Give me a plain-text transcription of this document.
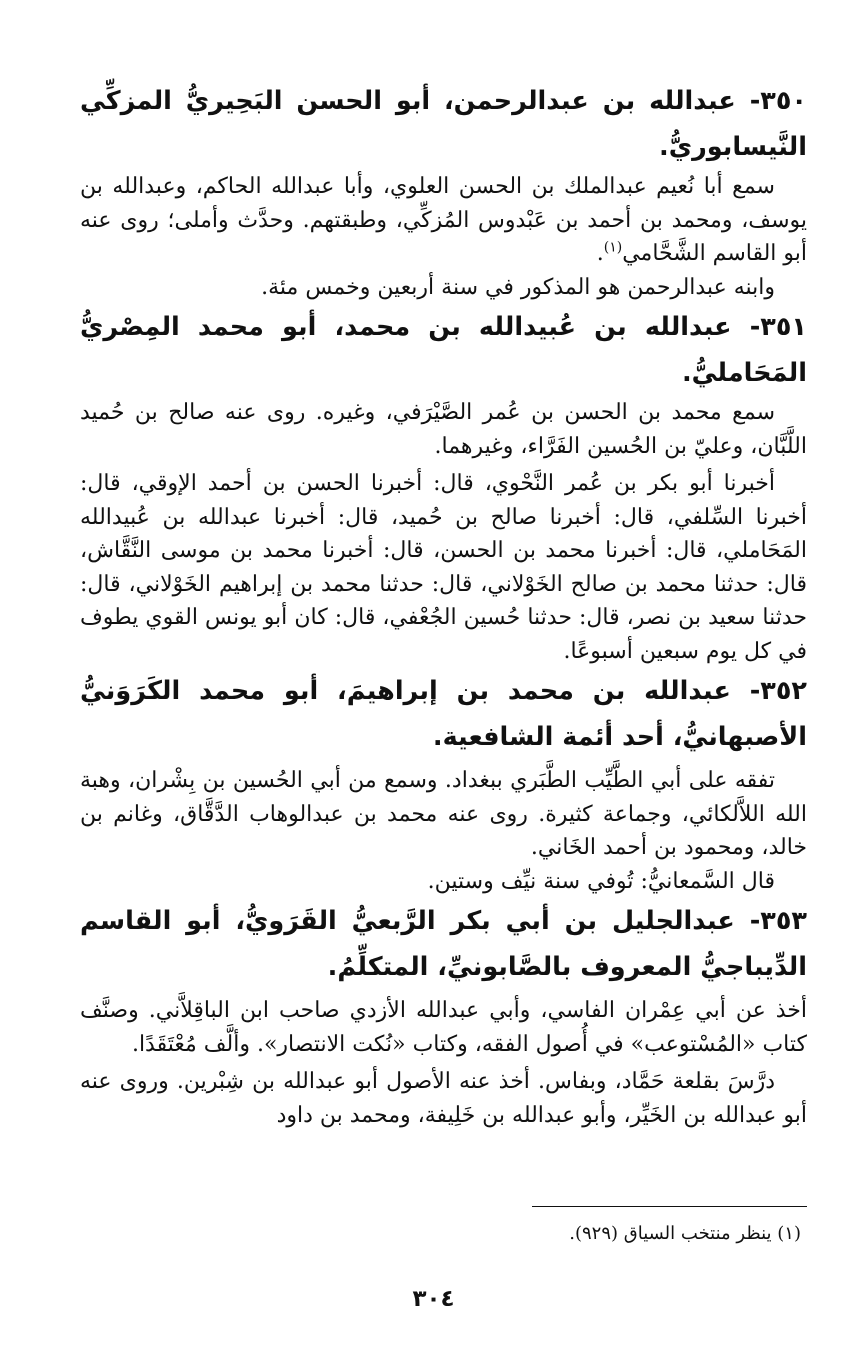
٣٥٠- عبدالله بن عبدالرحمن، أبو الحسن البَحِيريُّ المزكِّي النَّيسابوريُّ.

سمع أبا نُعيم عبدالملك بن الحسن العلوي، وأبا عبدالله الحاكم، وعبدالله بن يوسف، ومحمد بن أحمد بن عَبْدوس المُزكِّي، وطبقتهم. وحدَّث وأملى؛ روى عنه أبو القاسم الشَّحَّامي$^{(١)}$.

وابنه عبدالرحمن هو المذكور في سنة أربعين وخمس مئة.

٣٥١- عبدالله بن عُبيدالله بن محمد، أبو محمد المِصْريُّ المَحَامليُّ.

سمع محمد بن الحسن بن عُمر الصَّيْرَفي، وغيره. روى عنه صالح بن حُميد اللَّبَّان، وعليّ بن الحُسين الفَرَّاء، وغيرهما.

أخبرنا أبو بكر بن عُمر النَّحْوي، قال: أخبرنا الحسن بن أحمد الإوقي، قال: أخبرنا السِّلفي، قال: أخبرنا صالح بن حُميد، قال: أخبرنا عبدالله بن عُبيدالله المَحَاملي، قال: أخبرنا محمد بن الحسن، قال: أخبرنا محمد بن موسى النَّقَّاش، قال: حدثنا محمد بن صالح الخَوْلاني، قال: حدثنا محمد بن إبراهيم الخَوْلاني، قال: حدثنا سعيد بن نصر، قال: حدثنا حُسين الجُعْفي، قال: كان أبو يونس القوي يطوف في كل يوم سبعين أسبوعًا.

٣٥٢- عبدالله بن محمد بن إبراهيمَ، أبو محمد الكَرَوَنيُّ الأصبهانيُّ، أحد أئمة الشافعية.

تفقه على أبي الطَّيِّب الطَّبَري ببغداد. وسمع من أبي الحُسين بن بِشْران، وهبة الله اللاَّلكائي، وجماعة كثيرة. روى عنه محمد بن عبدالوهاب الدَّقَّاق، وغانم بن خالد، ومحمود بن أحمد الخَاني.

قال السَّمعانيُّ: تُوفي سنة نيِّف وستين.

٣٥٣- عبدالجليل بن أبي بكر الرَّبعيُّ القَرَويُّ، أبو القاسم الدِّيباجيُّ المعروف بالصَّابونيِّ، المتكلِّمُ.

أخذ عن أبي عِمْران الفاسي، وأبي عبدالله الأزدي صاحب ابن الباقِلاَّني. وصنَّف كتاب «المُسْتوعب» في أُصول الفقه، وكتاب «نُكت الانتصار». وألَّف مُعْتَقَدًا.

درَّسَ بقلعة حَمَّاد، وبفاس. أخذ عنه الأصول أبو عبدالله بن شِبْرين. وروى عنه أبو عبدالله بن الخَيِّر، وأبو عبدالله بن خَلِيفة، ومحمد بن داود

(١) ينظر منتخب السياق (٩٢٩).

٣٠٤
